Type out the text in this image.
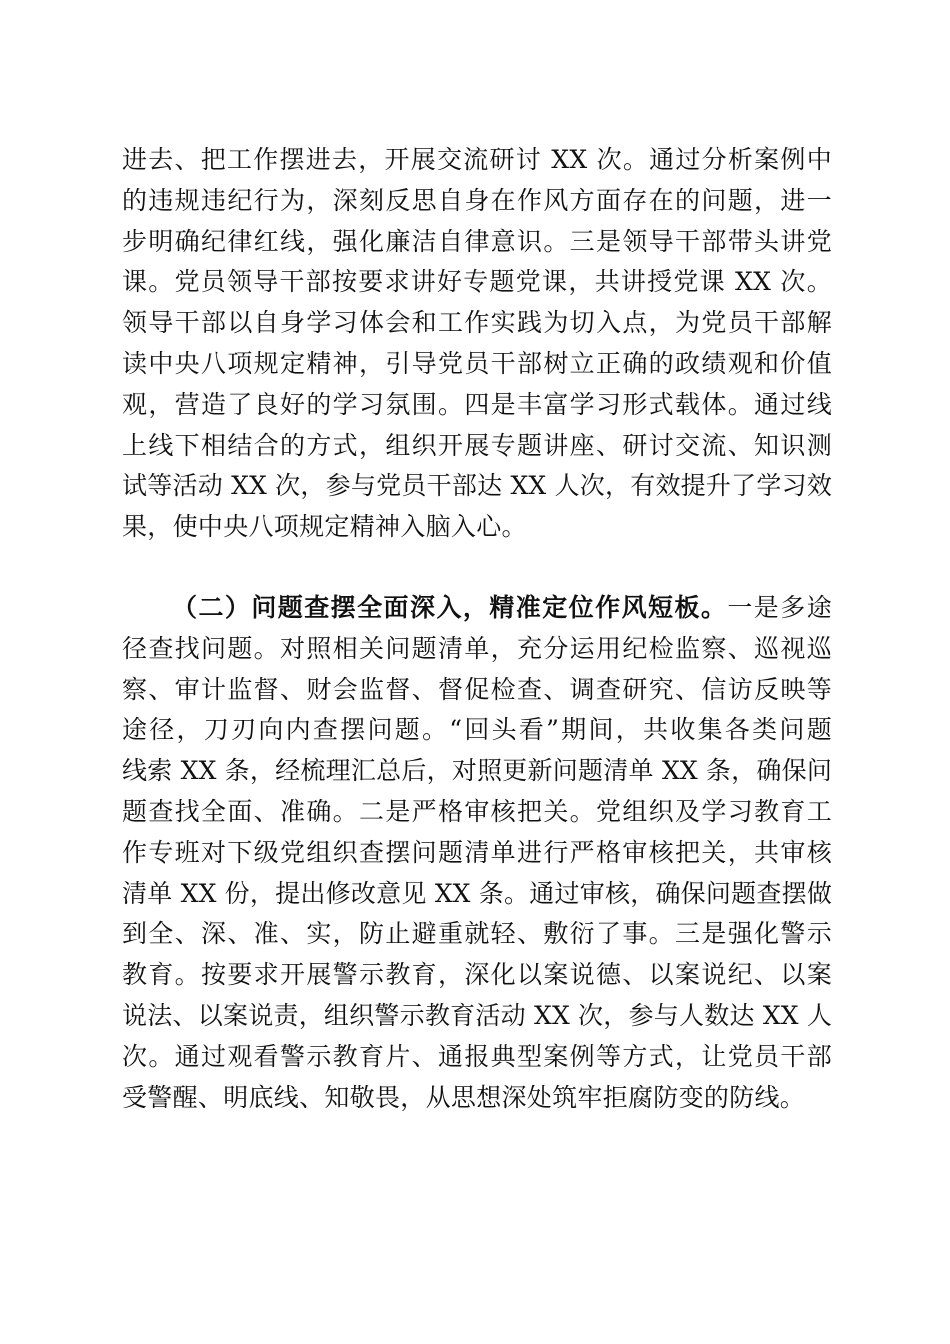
进去、把工作摆进去，开展交流研讨 XX 次。通过分析案例中
的违规违纪行为，深刻反思自身在作风方面存在的问题，进一
步明确纪律红线，强化廉洁自律意识。三是领导干部带头讲党
课。党员领导干部按要求讲好专题党课，共讲授党课 XX 次。
领导干部以自身学习体会和工作实践为切入点，为党员干部解
读中央八项规定精神，引导党员干部树立正确的政绩观和价值
观，营造了良好的学习氛围。四是丰富学习形式载体。通过线
上线下相结合的方式，组织开展专题讲座、研讨交流、知识测
试等活动 XX 次，参与党员干部达 XX 人次，有效提升了学习效
果，使中央八项规定精神入脑入心。
（二）问题查摆全面深入，精准定位作风短板。一是多途
径查找问题。对照相关问题清单，充分运用纪检监察、巡视巡
察、审计监督、财会监督、督促检查、调查研究、信访反映等
途径，刀刃向内查摆问题。“回头看”期间，共收集各类问题
线索 XX 条，经梳理汇总后，对照更新问题清单 XX 条，确保问
题查找全面、准确。二是严格审核把关。党组织及学习教育工
作专班对下级党组织查摆问题清单进行严格审核把关，共审核
清单 XX 份，提出修改意见 XX 条。通过审核，确保问题查摆做
到全、深、准、实，防止避重就轻、敷衍了事。三是强化警示
教育。按要求开展警示教育，深化以案说德、以案说纪、以案
说法、以案说责，组织警示教育活动 XX 次，参与人数达 XX 人
次。通过观看警示教育片、通报典型案例等方式，让党员干部
受警醒、明底线、知敬畏，从思想深处筑牢拒腐防变的防线。
